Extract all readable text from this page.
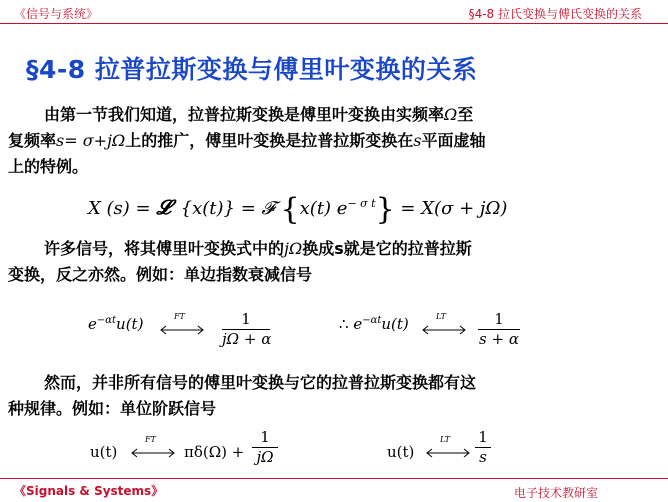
《信号与系统》	§4-8 拉氏变换与傅氏变换的关系
§4-8 拉普拉斯变换与傅里叶变换的关系
由第一节我们知道，拉普拉斯变换是傅里叶变换由实频率Ω至
复频率s= σ+jΩ上的推广，傅里叶变换是拉普拉斯变换在s平面虚轴
上的特例。
X (s) = 𝓛 {x(t)} = 𝓕 {x(t) $e^{- \sigma t}\} = X(\sigma + j\Omega)$
许多信号，将其傅里叶变换式中的jΩ换成s就是它的拉普拉斯
变换，反之亦然。例如：单边指数衰减信号
$e^{-\alpha t}u(t)$	FT $\frac{1}{j\Omega + \alpha}$	∴ $e^{-\alpha t}u(t)$	LT $\frac{1}{s + \alpha}$
然而，并非所有信号的傅里叶变换与它的拉普拉斯变换都有这
种规律。例如：单位阶跃信号
u(t)
FT
$\pi\delta(\Omega) + \frac{1}{j\Omega}$	u(t)
LT $\frac{1}{s}$
《Signals & Systems》	电子技术教研室
